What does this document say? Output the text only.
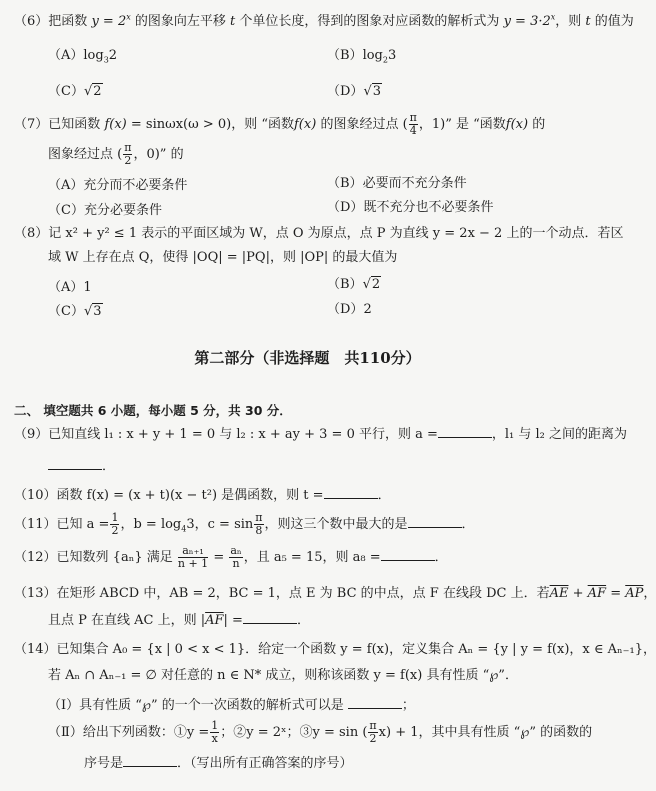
（6）把函数 $y = 2^x$ 的图象向左平移 t 个单位长度，得到的图象对应函数的解析式为 $y = 3\cdot 2^x$，则 t 的值为
$(A)\log_32$	$(B)\log_23$
（C）√2	（D）√3
（7）已知函数 f(x) = sinωx(ω > 0)，则 “函数f(x) 的图象经过点 ( $\frac{\pi}{4}$ ，1)” 是 “函数f(x) 的
图象经过点 ( $\frac{\pi}{2}$ ，0)” 的
（A）充分而不必要条件	（B）必要而不充分条件
（C）充分必要条件	（D）既不充分也不必要条件
（8）记 x² + y² ≤ 1 表示的平面区域为 W，点 O 为原点，点 P 为直线 y = 2x − 2 上的一个动点．若区
域 W 上存在点 Q，使得 |OQ| = |PQ|，则 |OP| 的最大值为
（A）1	（B）√2
（C）√3	（D）2
第二部分（非选择题　共110分）
二、 填空题共 6 小题，每小题 5 分，共 30 分．
（9）已知直线 l₁ : x + y + 1 = 0 与 l₂ : x + ay + 3 = 0 平行，则 a =	，l₁ 与 l₂ 之间的距离为
．
（10）函数 f(x) = (x + t)(x − t²) 是偶函数，则 t =	．
（11）已知 $a = \frac{1}{2}$ ，$b = \log_43$，$c = \sin \frac{\pi}{8}$ ，则这三个数中最大的是	．
（12）已知数列 {aₙ} 满足 $\frac{\text{aₙ₊₁}}{n + 1} = \frac{\text{aₙ}}{n}$ ，且 a₅ = 15，则 a₈ =	．
（13）在矩形 ABCD 中，AB = 2，BC = 1，点 E 为 BC 的中点，点 F 在线段 DC 上．若$\overline{AE} + \overline{AF} = \overline{AP}$，
且点 P 在直线 AC 上，则 $|\overline{AF}|$ =	．
（14）已知集合 A₀ = {x | 0 < x < 1}．给定一个函数 y = f(x)，定义集合 Aₙ = {y | y = f(x)，x ∈ Aₙ₋₁}，
若 Aₙ ∩ Aₙ₋₁ = ∅ 对任意的 n ∈ N* 成立，则称该函数 y = f(x) 具有性质 “℘”．
（Ⅰ）具有性质 “℘” 的一个一次函数的解析式可以是	；
（Ⅱ）给出下列函数：①y = $\frac{1}{x}$ ；②y = 2ˣ；③y = sin ( $\frac{\pi}{2} x) + 1$，其中具有性质 “℘” 的函数的
序号是	．（写出所有正确答案的序号）
